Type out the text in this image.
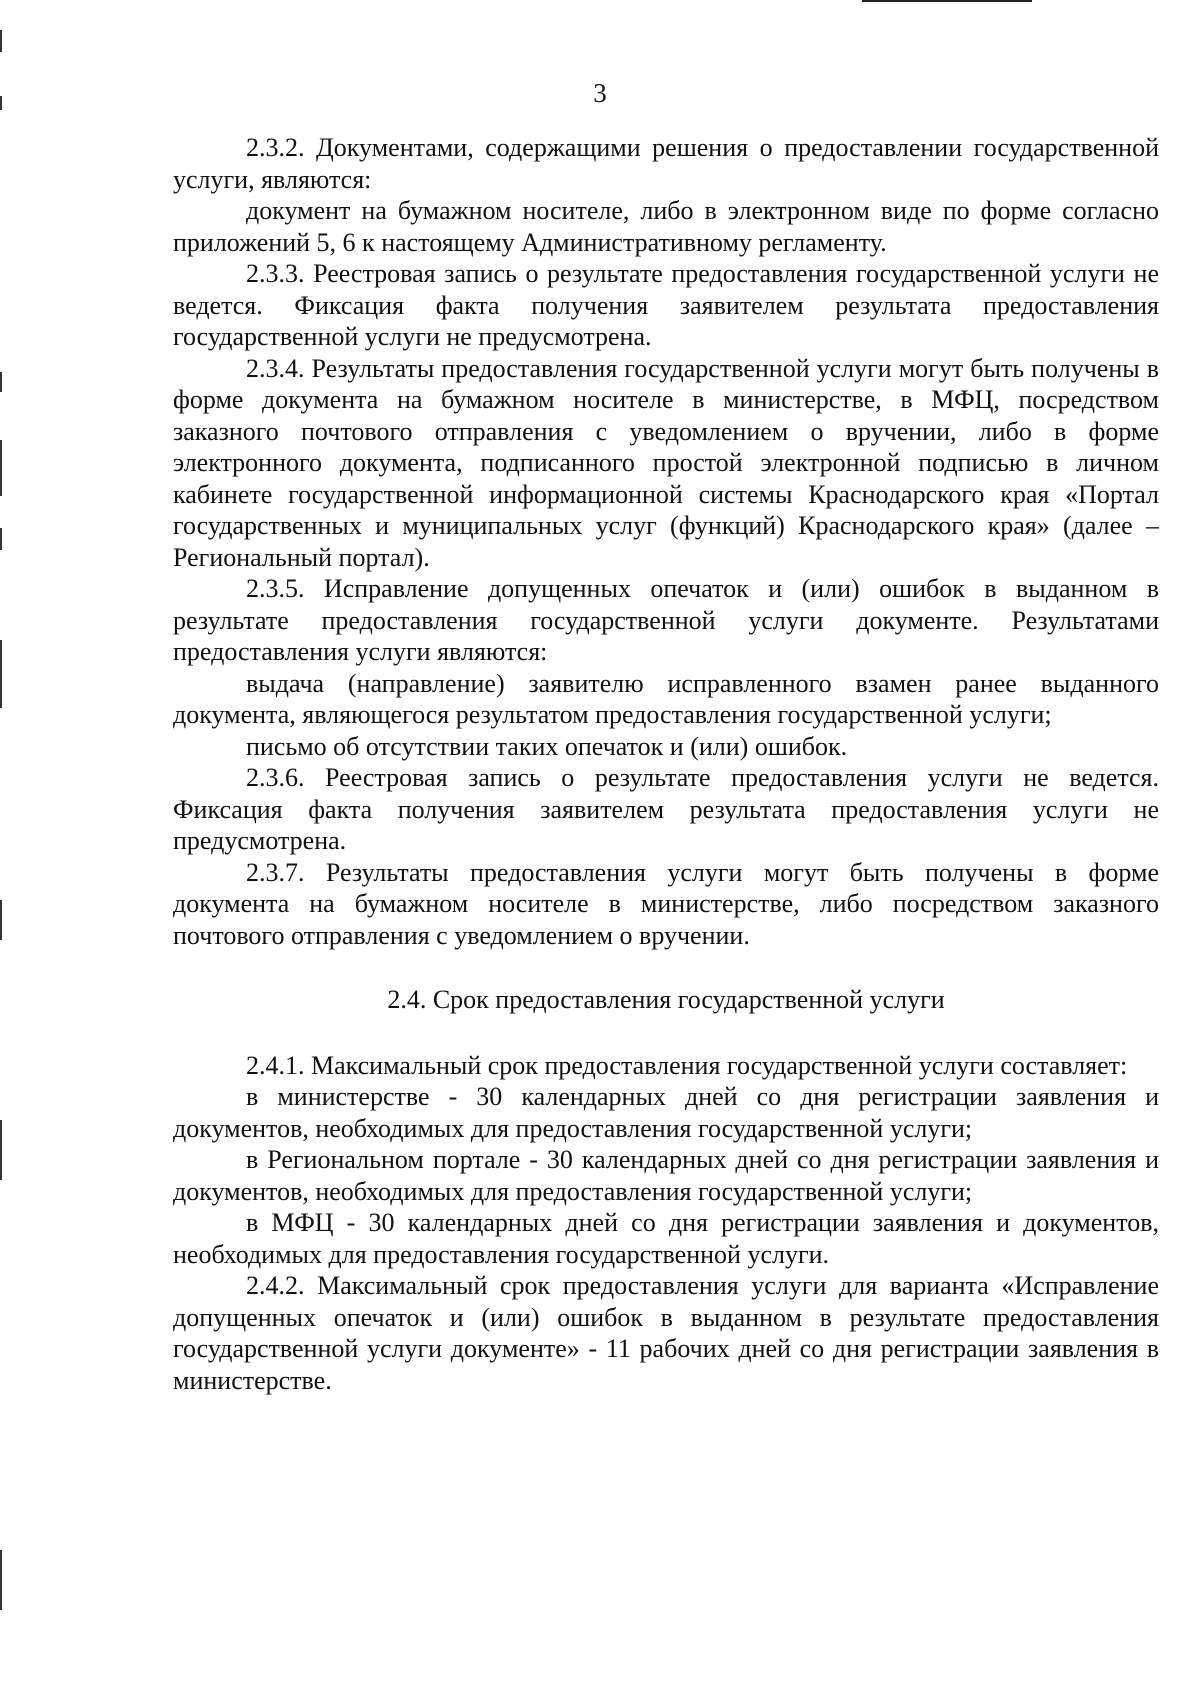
3

2.3.2. Документами, содержащими решения о предоставлении государственной услуги, являются:

документ на бумажном носителе, либо в электронном виде по форме согласно приложений 5, 6 к настоящему Административному регламенту.

2.3.3. Реестровая запись о результате предоставления государственной услуги не ведется. Фиксация факта получения заявителем результата предоставления государственной услуги не предусмотрена.

2.3.4. Результаты предоставления государственной услуги могут быть получены в форме документа на бумажном носителе в министерстве, в МФЦ, посредством заказного почтового отправления с уведомлением о вручении, либо в форме электронного документа, подписанного простой электронной подписью в личном кабинете государственной информационной системы Краснодарского края «Портал государственных и муниципальных услуг (функций) Краснодарского края» (далее – Региональный портал).

2.3.5. Исправление допущенных опечаток и (или) ошибок в выданном в результате предоставления государственной услуги документе. Результатами предоставления услуги являются:

выдача (направление) заявителю исправленного взамен ранее выданного документа, являющегося результатом предоставления государственной услуги;

письмо об отсутствии таких опечаток и (или) ошибок.

2.3.6. Реестровая запись о результате предоставления услуги не ведется. Фиксация факта получения заявителем результата предоставления услуги не предусмотрена.

2.3.7. Результаты предоставления услуги могут быть получены в форме документа на бумажном носителе в министерстве, либо посредством заказного почтового отправления с уведомлением о вручении.

2.4. Срок предоставления государственной услуги

2.4.1. Максимальный срок предоставления государственной услуги составляет:

в министерстве - 30 календарных дней со дня регистрации заявления и документов, необходимых для предоставления государственной услуги;

в Региональном портале - 30 календарных дней со дня регистрации заявления и документов, необходимых для предоставления государственной услуги;

в МФЦ - 30 календарных дней со дня регистрации заявления и документов, необходимых для предоставления государственной услуги.

2.4.2. Максимальный срок предоставления услуги для варианта «Исправление допущенных опечаток и (или) ошибок в выданном в результате предоставления государственной услуги документе» - 11 рабочих дней со дня регистрации заявления в министерстве.
